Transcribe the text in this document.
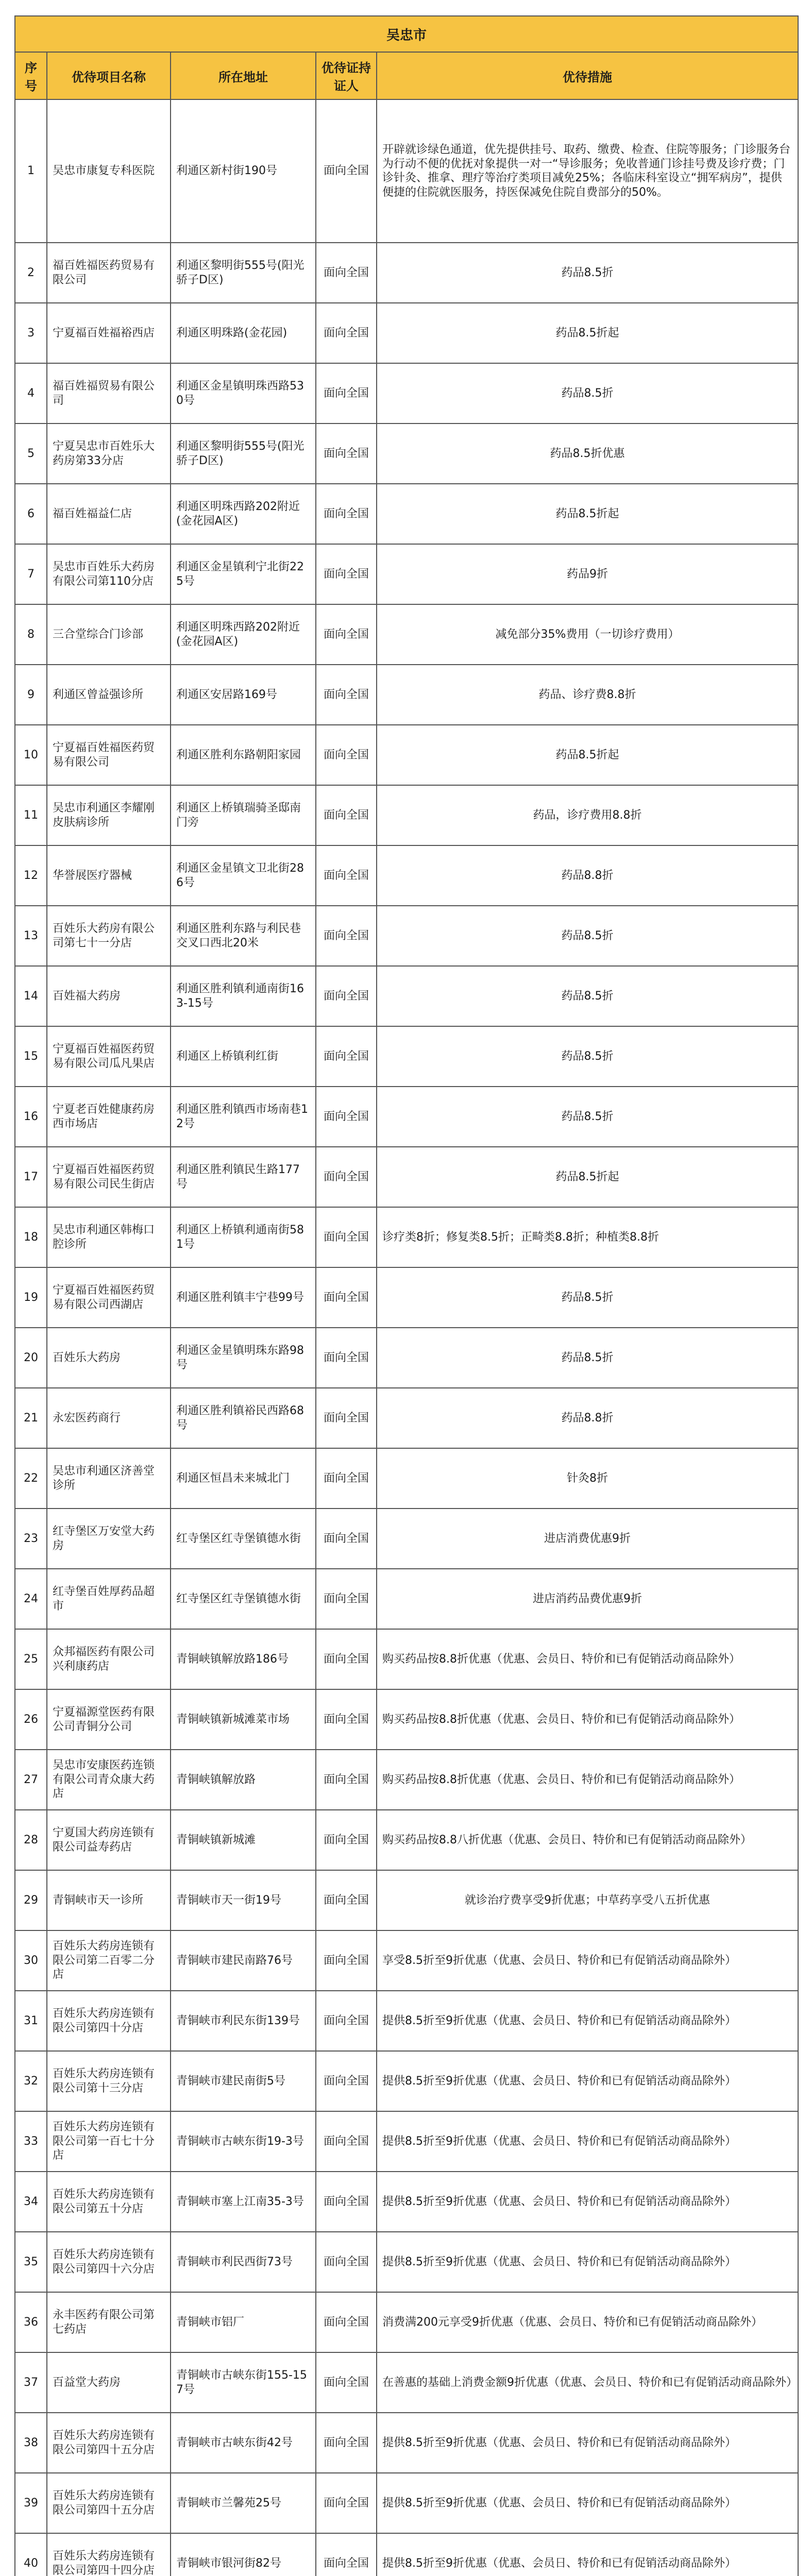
吴忠市				
序号	优待项目名称	所在地址	优待证持证人	优待措施

1	吴忠市康复专科医院	利通区新村街190号	面向全国	开辟就诊绿色通道，优先提供挂号、取药、缴费、检查、住院等服务；门诊服务台为行动不便的优抚对象提供一对一“导诊服务；免收普通门诊挂号费及诊疗费；门诊针灸、推拿、理疗等治疗类项目减免25%；各临床科室设立“拥军病房”，提供便捷的住院就医服务，持医保减免住院自费部分的50%。

2	福百姓福医药贸易有限公司	利通区黎明街555号(阳光骄子D区)	面向全国	药品8.5折

3	宁夏福百姓福裕西店	利通区明珠路(金花园)	面向全国	药品8.5折起

4	福百姓福贸易有限公司	利通区金星镇明珠西路530号	面向全国	药品8.5折

5	宁夏吴忠市百姓乐大药房第33分店	利通区黎明街555号(阳光骄子D区)	面向全国	药品8.5折优惠

6	福百姓福益仁店	利通区明珠西路202附近(金花园A区)	面向全国	药品8.5折起

7	吴忠市百姓乐大药房有限公司第110分店	利通区金星镇利宁北街225号	面向全国	药品9折

8	三合堂综合门诊部	利通区明珠西路202附近(金花园A区)	面向全国	减免部分35%费用（一切诊疗费用）

9	利通区曾益强诊所	利通区安居路169号	面向全国	药品、诊疗费8.8折

10	宁夏福百姓福医药贸易有限公司	利通区胜利东路朝阳家园	面向全国	药品8.5折起

11	吴忠市利通区李耀刚皮肤病诊所	利通区上桥镇瑞骑圣邸南门旁	面向全国	药品，诊疗费用8.8折

12	华誉展医疗器械	利通区金星镇文卫北街286号	面向全国	药品8.8折

13	百姓乐大药房有限公司第七十一分店	利通区胜利东路与利民巷交叉口西北20米	面向全国	药品8.5折

14	百姓福大药房	利通区胜利镇利通南街163-15号	面向全国	药品8.5折

15	宁夏福百姓福医药贸易有限公司瓜凡果店	利通区上桥镇利红街	面向全国	药品8.5折

16	宁夏老百姓健康药房西市场店	利通区胜利镇西市场南巷12号	面向全国	药品8.5折

17	宁夏福百姓福医药贸易有限公司民生街店	利通区胜利镇民生路177号	面向全国	药品8.5折起

18	吴忠市利通区韩梅口腔诊所	利通区上桥镇利通南街581号	面向全国	诊疗类8折；修复类8.5折；正畸类8.8折；种植类8.8折

19	宁夏福百姓福医药贸易有限公司西湖店	利通区胜利镇丰宁巷99号	面向全国	药品8.5折

20	百姓乐大药房	利通区金星镇明珠东路98号	面向全国	药品8.5折

21	永宏医药商行	利通区胜利镇裕民西路68号	面向全国	药品8.8折

22	吴忠市利通区济善堂诊所	利通区恒昌未来城北门	面向全国	针灸8折

23	红寺堡区万安堂大药房	红寺堡区红寺堡镇德水街	面向全国	进店消费优惠9折

24	红寺堡百姓厚药品超市	红寺堡区红寺堡镇德水街	面向全国	进店消药品费优惠9折

25	众邦福医药有限公司兴利康药店	青铜峡镇解放路186号	面向全国	购买药品按8.8折优惠（优惠、会员日、特价和已有促销活动商品除外）

26	宁夏福源堂医药有限公司青铜分公司	青铜峡镇新城滩菜市场	面向全国	购买药品按8.8折优惠（优惠、会员日、特价和已有促销活动商品除外）

27	吴忠市安康医药连锁有限公司青众康大药店	青铜峡镇解放路	面向全国	购买药品按8.8折优惠（优惠、会员日、特价和已有促销活动商品除外）

28	宁夏国大药房连锁有限公司益寿药店	青铜峡镇新城滩	面向全国	购买药品按8.8八折优惠（优惠、会员日、特价和已有促销活动商品除外）

29	青铜峡市天一诊所	青铜峡市天一街19号	面向全国	就诊治疗费享受9折优惠；中草药享受八五折优惠

30	百姓乐大药房连锁有限公司第二百零二分店	青铜峡市建民南路76号	面向全国	享受8.5折至9折优惠（优惠、会员日、特价和已有促销活动商品除外）

31	百姓乐大药房连锁有限公司第四十分店	青铜峡市利民东街139号	面向全国	提供8.5折至9折优惠（优惠、会员日、特价和已有促销活动商品除外）

32	百姓乐大药房连锁有限公司第十三分店	青铜峡市建民南街5号	面向全国	提供8.5折至9折优惠（优惠、会员日、特价和已有促销活动商品除外）

33	百姓乐大药房连锁有限公司第一百七十分店	青铜峡市古峡东街19-3号	面向全国	提供8.5折至9折优惠（优惠、会员日、特价和已有促销活动商品除外）

34	百姓乐大药房连锁有限公司第五十分店	青铜峡市塞上江南35-3号	面向全国	提供8.5折至9折优惠（优惠、会员日、特价和已有促销活动商品除外）

35	百姓乐大药房连锁有限公司第四十六分店	青铜峡市利民西街73号	面向全国	提供8.5折至9折优惠（优惠、会员日、特价和已有促销活动商品除外）

36	永丰医药有限公司第七药店	青铜峡市铝厂	面向全国	消费满200元享受9折优惠（优惠、会员日、特价和已有促销活动商品除外）

37	百益堂大药房	青铜峡市古峡东街155-157号	面向全国	在善惠的基础上消费金额9折优惠（优惠、会员日、特价和已有促销活动商品除外）

38	百姓乐大药房连锁有限公司第四十五分店	青铜峡市古峡东街42号	面向全国	提供8.5折至9折优惠（优惠、会员日、特价和已有促销活动商品除外）

39	百姓乐大药房连锁有限公司第四十五分店	青铜峡市兰馨苑25号	面向全国	提供8.5折至9折优惠（优惠、会员日、特价和已有促销活动商品除外）

40	百姓乐大药房连锁有限公司第四十四分店	青铜峡市银河街82号	面向全国	提供8.5折至9折优惠（优惠、会员日、特价和已有促销活动商品除外）
